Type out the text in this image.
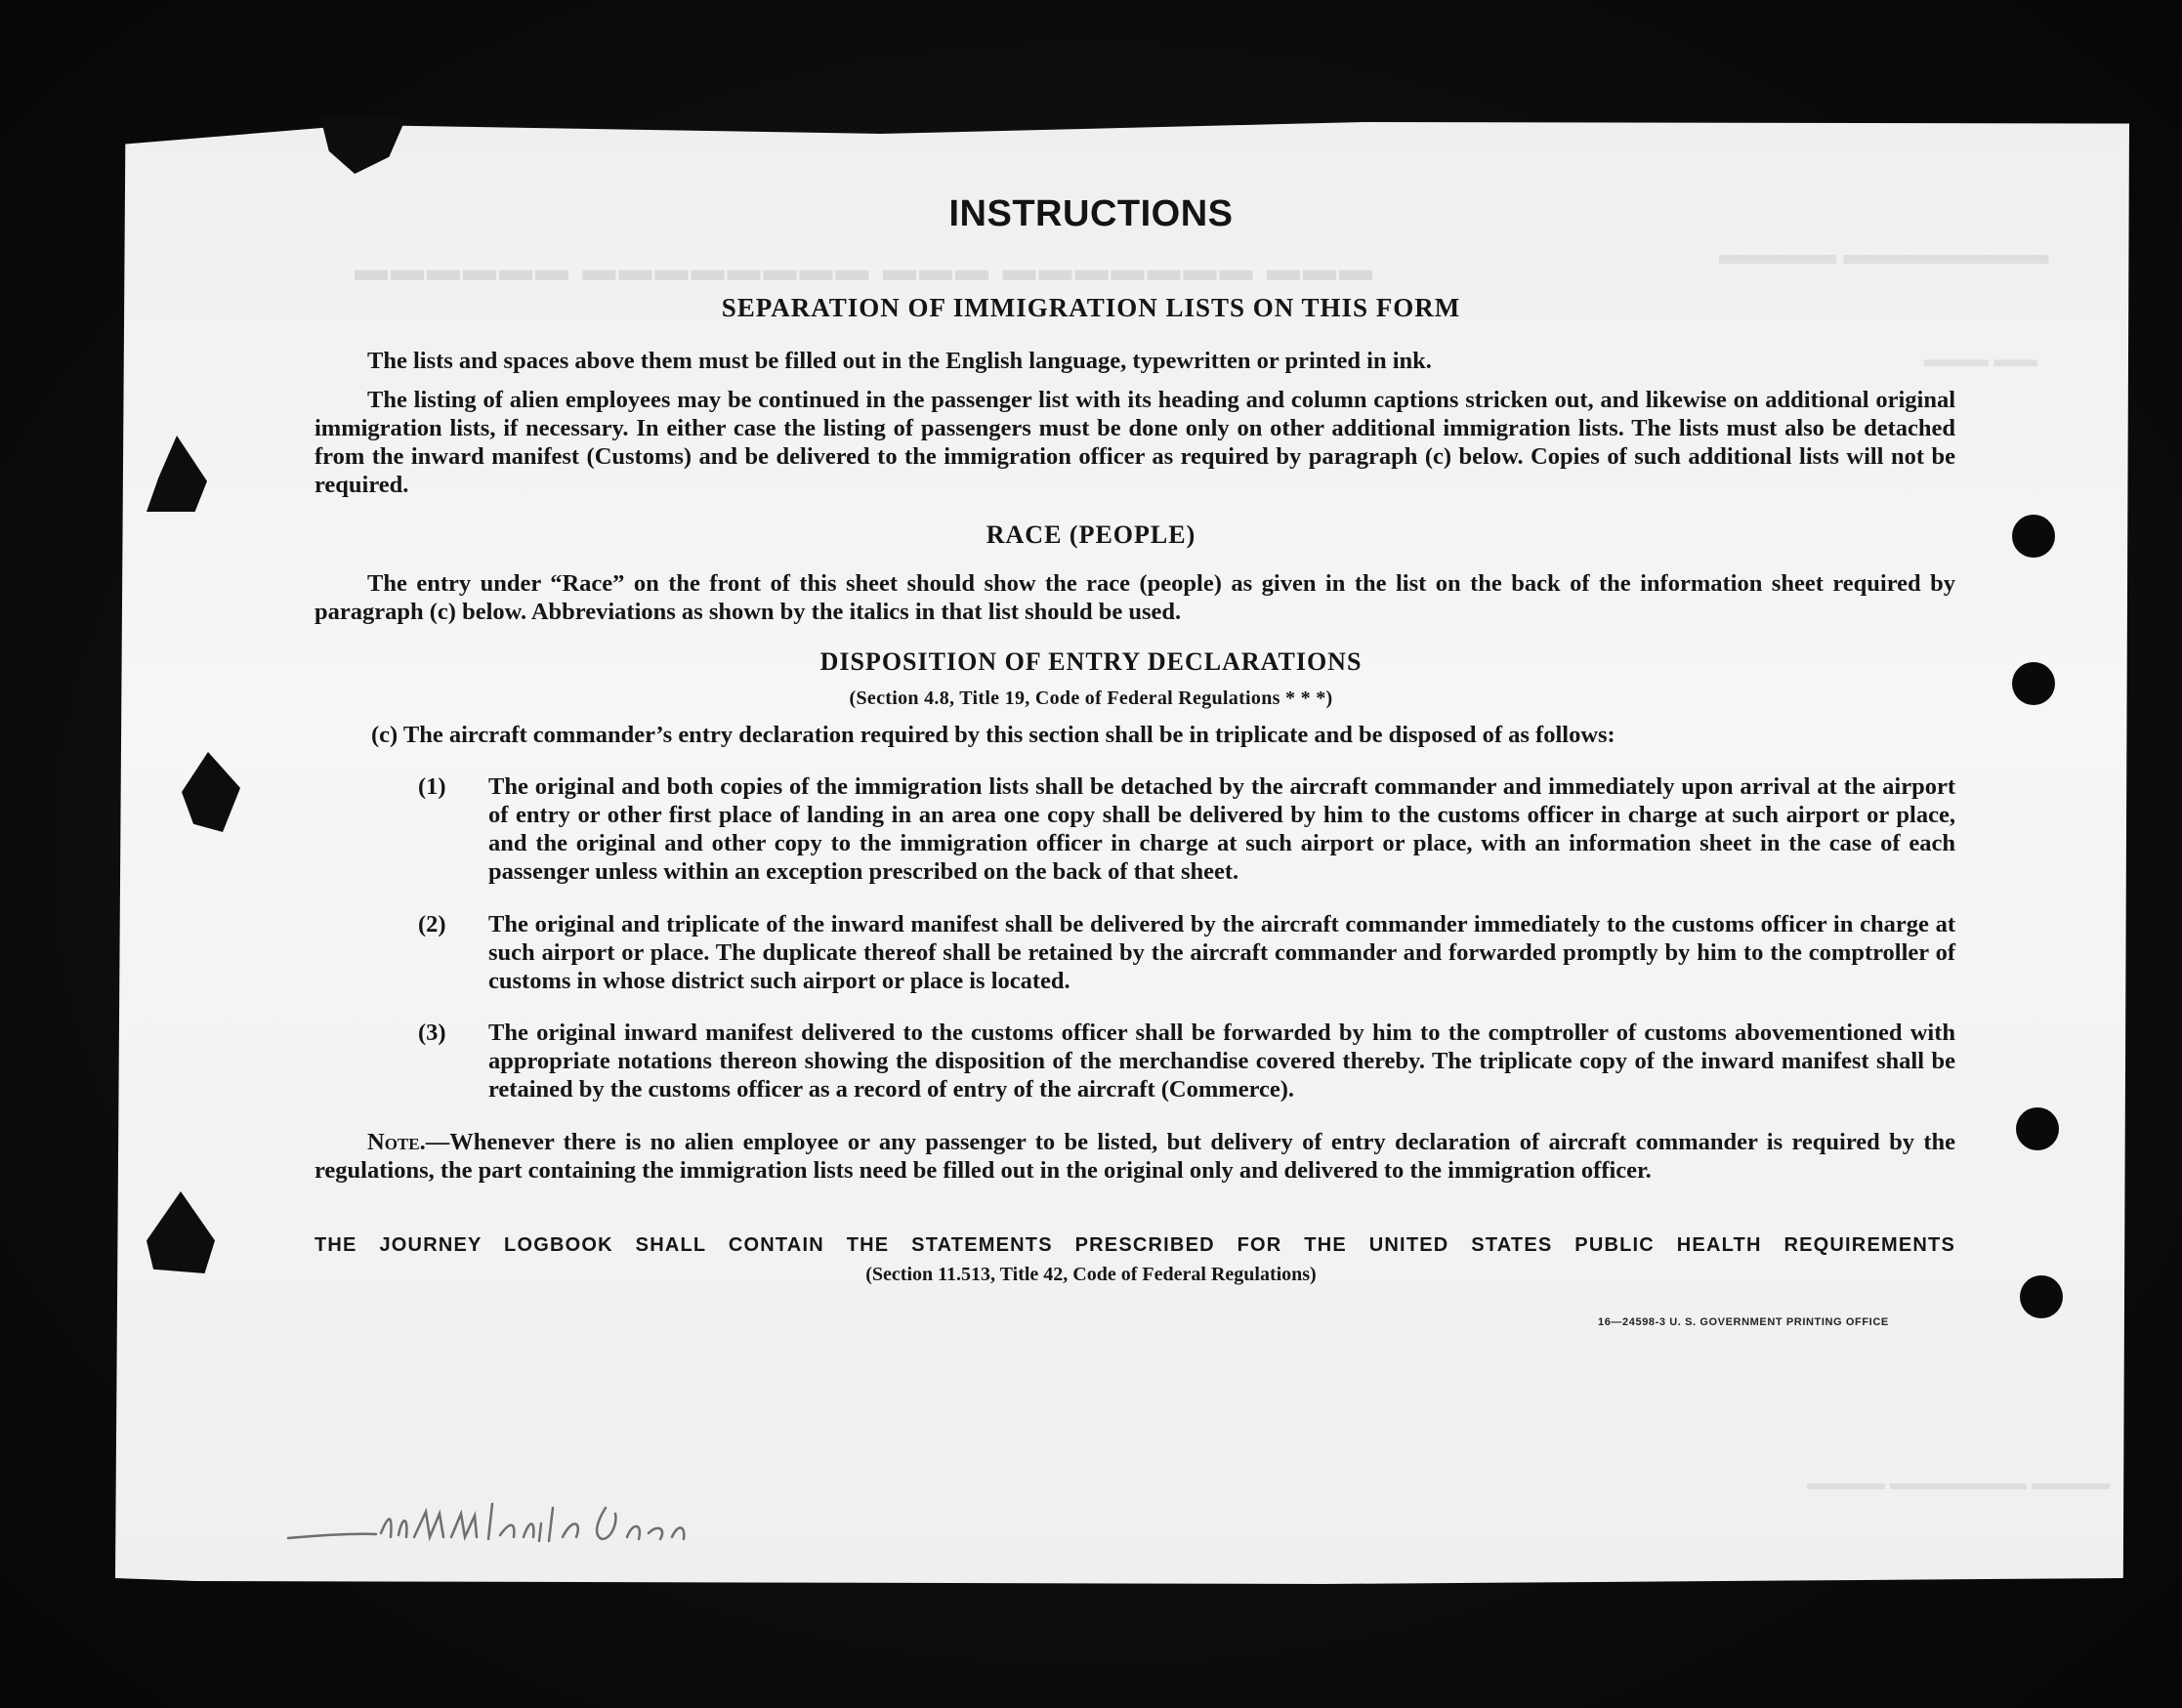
▬▬▬ ▬▬▬▬▬▬▬ ▬▬▬ ▬▬▬▬▬▬▬▬ ▬▬▬▬▬▬	▬▬▬▬ ▬▬▬▬▬▬▬
▬▬▬ ▬▬
▬▬▬▬ ▬▬▬▬▬▬▬ ▬▬▬▬
INSTRUCTIONS
SEPARATION OF IMMIGRATION LISTS ON THIS FORM
The lists and spaces above them must be filled out in the English language, typewritten or printed in ink.
The listing of alien employees may be continued in the passenger list with its heading and column captions stricken out, and likewise on additional original immigration lists, if necessary. In either case the listing of passengers must be done only on other additional immigration lists. The lists must also be detached from the inward manifest (Customs) and be delivered to the immigration officer as required by paragraph (c) below. Copies of such additional lists will not be required.
RACE (PEOPLE)
The entry under “Race” on the front of this sheet should show the race (people) as given in the list on the back of the information sheet required by paragraph (c) below. Abbreviations as shown by the italics in that list should be used.
DISPOSITION OF ENTRY DECLARATIONS
(Section 4.8, Title 19, Code of Federal Regulations * * *)
(c) The aircraft commander’s entry declaration required by this section shall be in triplicate and be disposed of as follows:
(1) The original and both copies of the immigration lists shall be detached by the aircraft commander and immediately upon arrival at the airport of entry or other first place of landing in an area one copy shall be delivered by him to the customs officer in charge at such airport or place, and the original and other copy to the immigration officer in charge at such airport or place, with an information sheet in the case of each passenger unless within an exception prescribed on the back of that sheet.
(2) The original and triplicate of the inward manifest shall be delivered by the aircraft commander immediately to the customs officer in charge at such airport or place. The duplicate thereof shall be retained by the aircraft commander and forwarded promptly by him to the comptroller of customs in whose district such airport or place is located.
(3) The original inward manifest delivered to the customs officer shall be forwarded by him to the comptroller of customs abovementioned with appropriate notations thereon showing the disposition of the merchandise covered thereby. The triplicate copy of the inward manifest shall be retained by the customs officer as a record of entry of the aircraft (Commerce).
Note.—Whenever there is no alien employee or any passenger to be listed, but delivery of entry declaration of aircraft commander is required by the regulations, the part containing the immigration lists need be filled out in the original only and delivered to the immigration officer.
THE JOURNEY LOGBOOK SHALL CONTAIN THE STATEMENTS PRESCRIBED FOR THE UNITED STATES PUBLIC HEALTH REQUIREMENTS
(Section 11.513, Title 42, Code of Federal Regulations)
16—24598-3 U. S. GOVERNMENT PRINTING OFFICE
